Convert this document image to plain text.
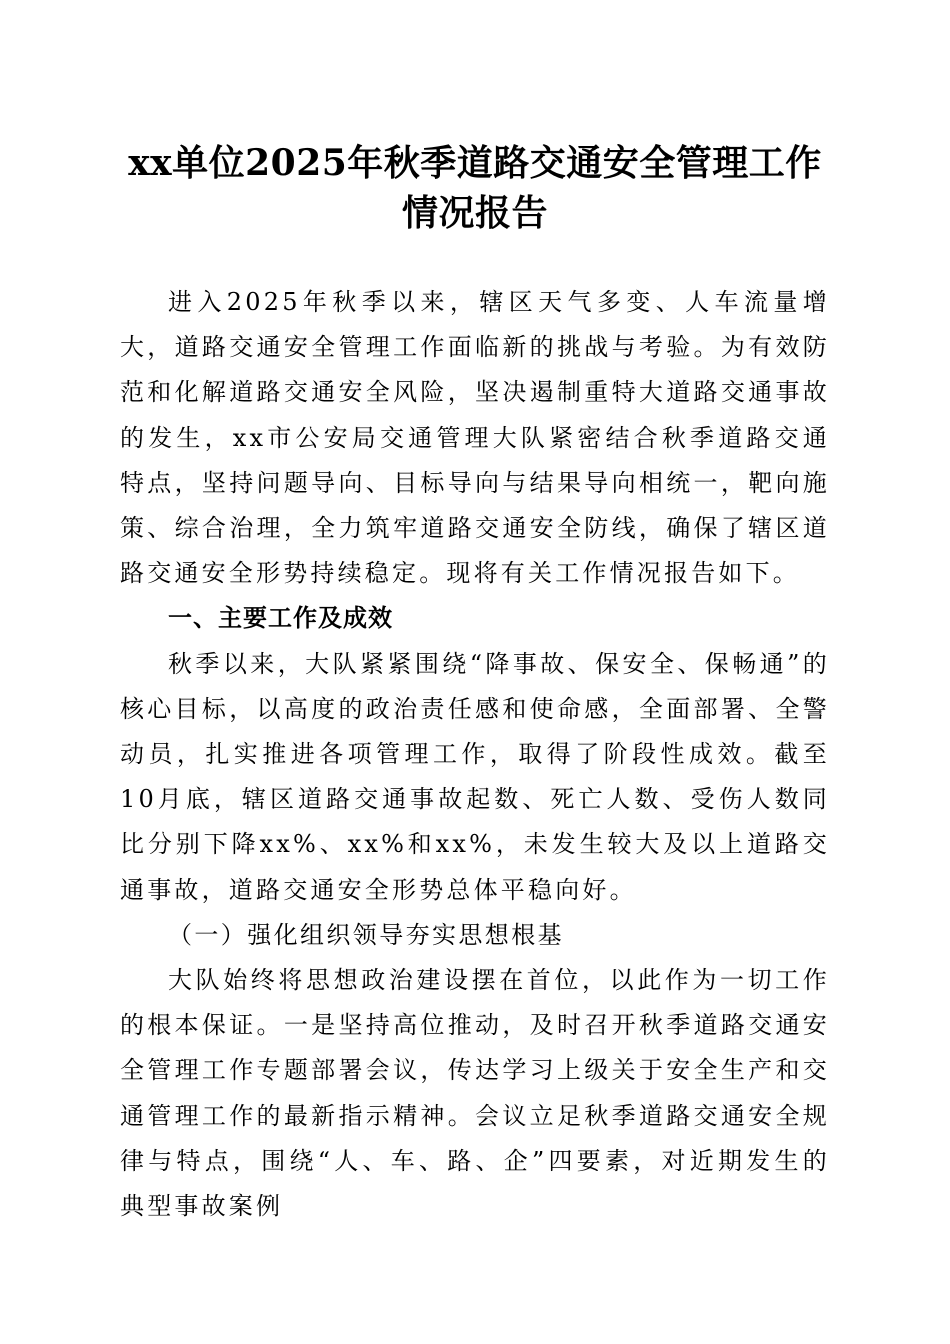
xx单位2025年秋季道路交通安全管理工作情况报告

进入2025年秋季以来，辖区天气多变、人车流量增大，道路交通安全管理工作面临新的挑战与考验。为有效防范和化解道路交通安全风险，坚决遏制重特大道路交通事故的发生，xx市公安局交通管理大队紧密结合秋季道路交通特点，坚持问题导向、目标导向与结果导向相统一，靶向施策、综合治理，全力筑牢道路交通安全防线，确保了辖区道路交通安全形势持续稳定。现将有关工作情况报告如下。

一、主要工作及成效

秋季以来，大队紧紧围绕“降事故、保安全、保畅通”的核心目标，以高度的政治责任感和使命感，全面部署、全警动员，扎实推进各项管理工作，取得了阶段性成效。截至10月底，辖区道路交通事故起数、死亡人数、受伤人数同比分别下降xx%、xx%和xx%，未发生较大及以上道路交通事故，道路交通安全形势总体平稳向好。

（一）强化组织领导夯实思想根基

大队始终将思想政治建设摆在首位，以此作为一切工作的根本保证。一是坚持高位推动，及时召开秋季道路交通安全管理工作专题部署会议，传达学习上级关于安全生产和交通管理工作的最新指示精神。会议立足秋季道路交通安全规律与特点，围绕“人、车、路、企”四要素，对近期发生的典型事故案例
